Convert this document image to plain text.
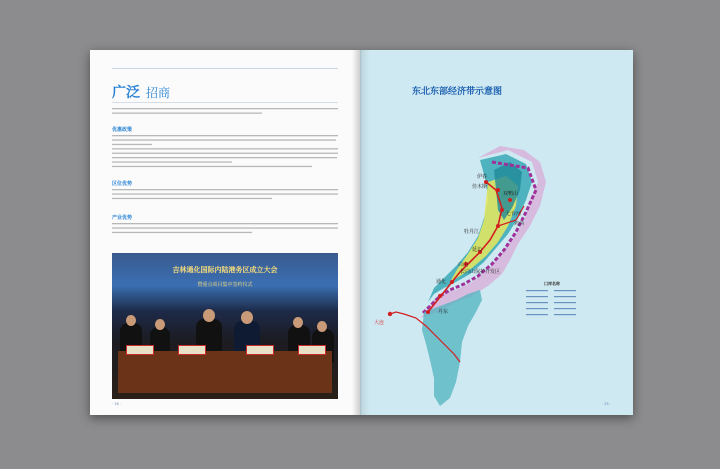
广泛 招商
优惠政策
区位优势
产业优势
吉林通化国际内陆港务区成立大会
暨重点项目集中签约仪式
· 16 ·
东北东部经济带示意图
伊春
佳木斯
双鸭山
七台河
鸡西
牡丹江
延边
白山
通化
长白山保护开发区
丹东
大连
口岸名称
· 25 ·
